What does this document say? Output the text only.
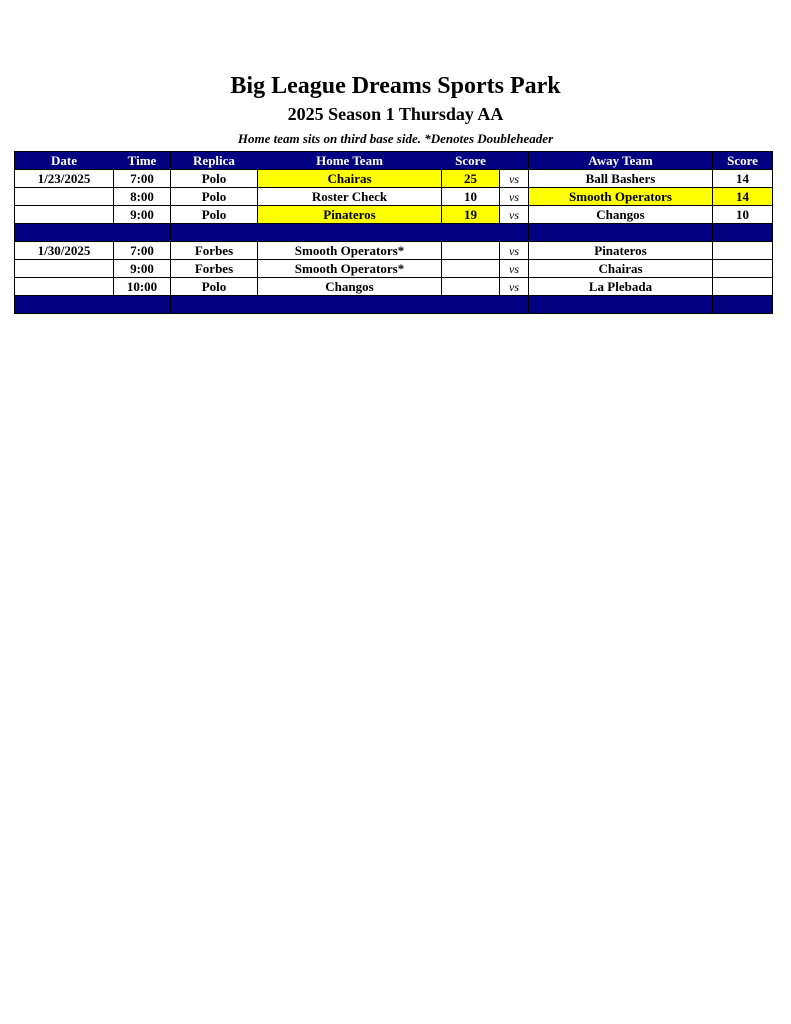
Big League Dreams Sports Park
2025 Season 1 Thursday AA
Home team sits on third base side. *Denotes Doubleheader
Date	Time	Replica	Home Team	Score		Away Team	Score
1/23/2025	7:00	Polo	Chairas	25	vs	Ball Bashers	14
	8:00	Polo	Roster Check	10	vs	Smooth Operators	14
	9:00	Polo	Pinateros	19	vs	Changos	10

1/30/2025	7:00	Forbes	Smooth Operators*		vs	Pinateros	
	9:00	Forbes	Smooth Operators*		vs	Chairas	
	10:00	Polo	Changos		vs	La Plebada	
